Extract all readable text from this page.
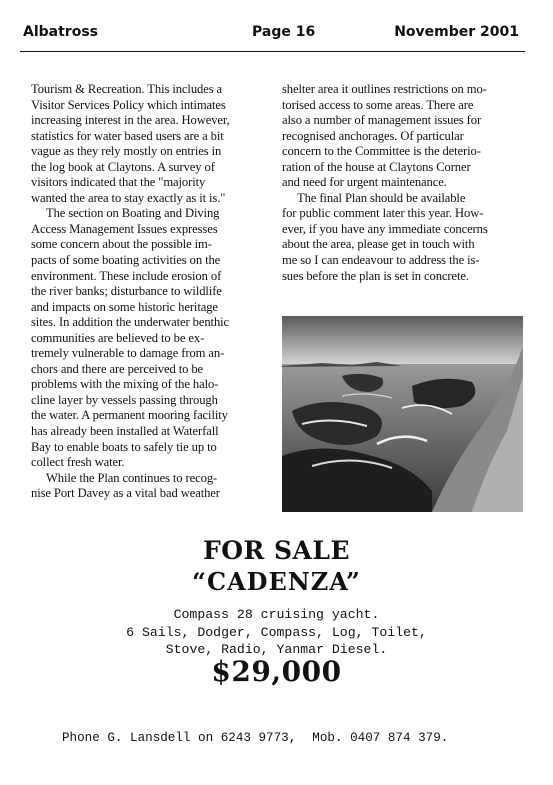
Albatross	Page 16	November 2001

Tourism & Recreation. This includes a
Visitor Services Policy which intimates
increasing interest in the area. However,
statistics for water based users are a bit
vague as they rely mostly on entries in
the log book at Claytons. A survey of
visitors indicated that the "majority
wanted the area to stay exactly as it is."

The section on Boating and Diving
Access Management Issues expresses
some concern about the possible im-
pacts of some boating activities on the
environment. These include erosion of
the river banks; disturbance to wildlife
and impacts on some historic heritage
sites. In addition the underwater benthic
communities are believed to be ex-
tremely vulnerable to damage from an-
chors and there are perceived to be
problems with the mixing of the halo-
cline layer by vessels passing through
the water. A permanent mooring facility
has already been installed at Waterfall
Bay to enable boats to safely tie up to
collect fresh water.

While the Plan continues to recog-
nise Port Davey as a vital bad weather

shelter area it outlines restrictions on mo-
torised access to some areas. There are
also a number of management issues for
recognised anchorages. Of particular
concern to the Committee is the deterio-
ration of the house at Claytons Corner
and need for urgent maintenance.

The final Plan should be available
for public comment later this year. How-
ever, if you have any immediate concerns
about the area, please get in touch with
me so I can endeavour to address the is-
sues before the plan is set in concrete.

FOR SALE
“CADENZA”
Compass 28 cruising yacht.
6 Sails, Dodger, Compass, Log, Toilet,
Stove, Radio, Yanmar Diesel.
$29,000
Phone G. Lansdell on 6243 9773, Mob. 0407 874 379.
